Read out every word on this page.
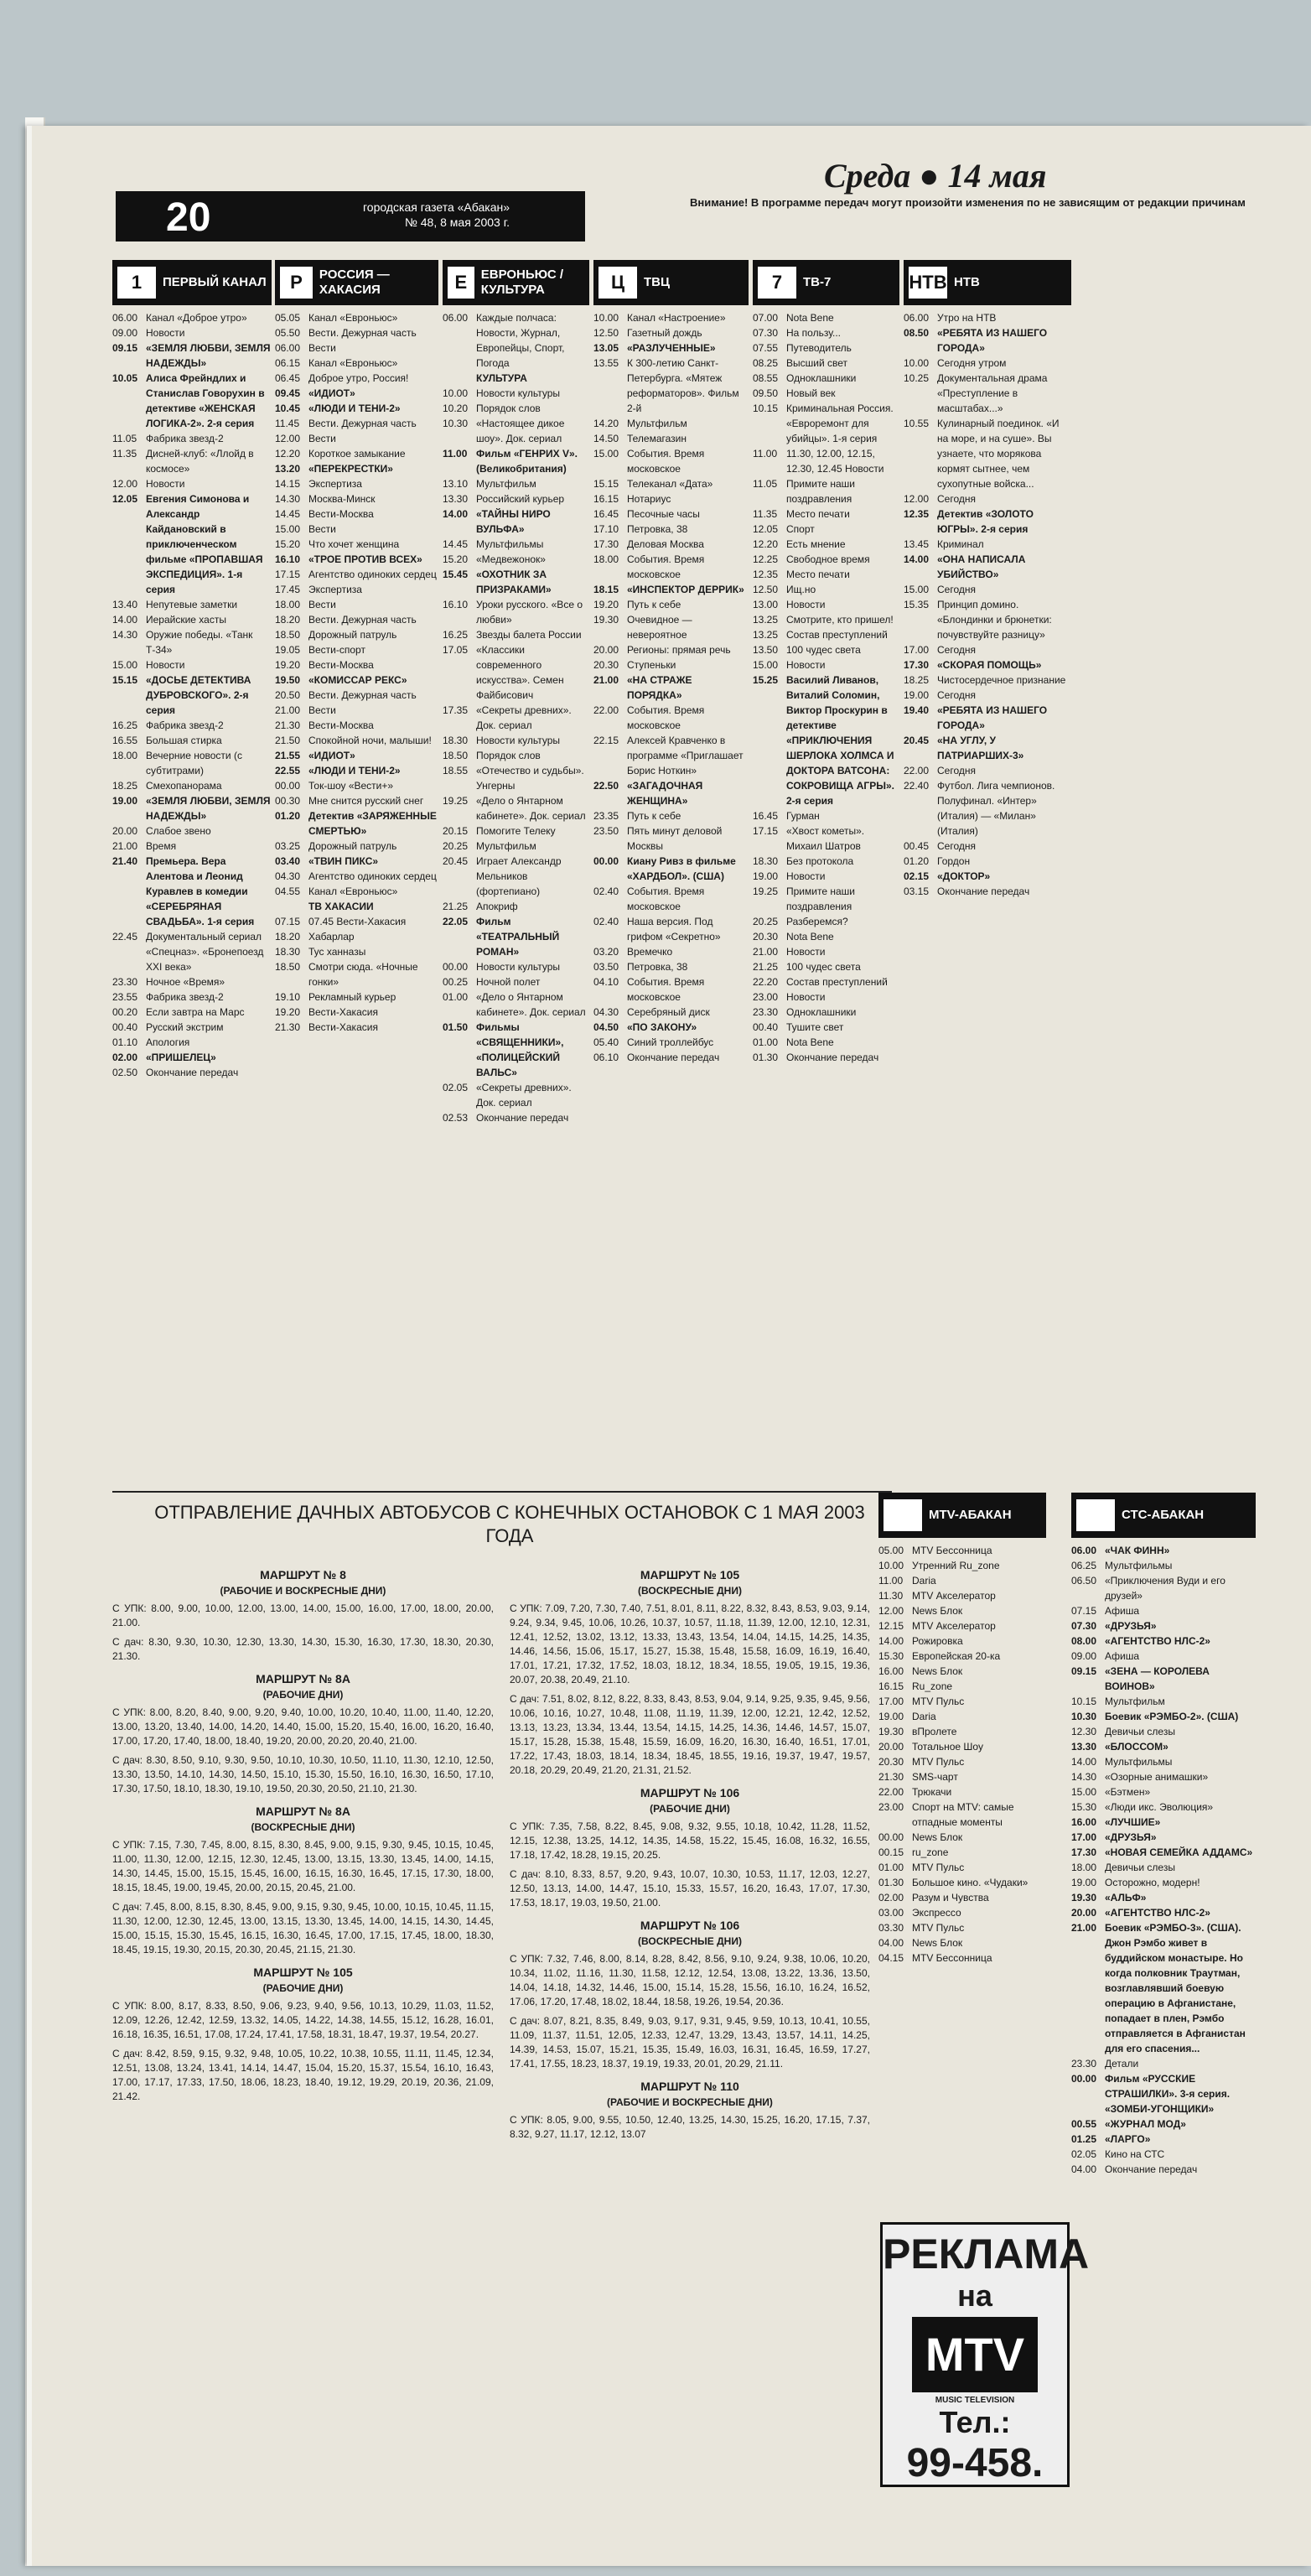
Среда ● 14 мая
Внимание! В программе передач могут произойти изменения по не зависящим от редакции причинам
20	городская газета «Абакан»
№ 48, 8 мая 2003 г.
1	ПЕРВЫЙ КАНАЛ
06.00 Канал «Доброе утро»
09.00 Новости
09.15 «ЗЕМЛЯ ЛЮБВИ, ЗЕМЛЯ НАДЕЖДЫ»
10.05 Алиса Фрейндлих и Станислав Говорухин в детективе «ЖЕНСКАЯ ЛОГИКА-2». 2-я серия
11.05 Фабрика звезд-2
11.35 Дисней-клуб: «Ллойд в космосе»
12.00 Новости
12.05 Евгения Симонова и Александр Кайдановский в приключенческом фильме «ПРОПАВШАЯ ЭКСПЕДИЦИЯ». 1-я серия
13.40 Непутевые заметки
14.00 Иерайские хасты
14.30 Оружие победы. «Танк Т-34»
15.00 Новости
15.15 «ДОСЬЕ ДЕТЕКТИВА ДУБРОВСКОГО». 2-я серия
16.25 Фабрика звезд-2
16.55 Большая стирка
18.00 Вечерние новости (с субтитрами)
18.25 Смехопанорама
19.00 «ЗЕМЛЯ ЛЮБВИ, ЗЕМЛЯ НАДЕЖДЫ»
20.00 Слабое звено
21.00 Время
21.40 Премьера. Вера Алентова и Леонид Куравлев в комедии «СЕРЕБРЯНАЯ СВАДЬБА». 1-я серия
22.45 Документальный сериал «Спецназ». «Бронепоезд XXI века»
23.30 Ночное «Время»
23.55 Фабрика звезд-2
00.20 Если завтра на Марс
00.40 Русский экстрим
01.10 Апология
02.00 «ПРИШЕЛЕЦ»
02.50 Окончание передач
Р	РОССИЯ — ХАКАСИЯ
05.05 Канал «Евроньюс»
05.50 Вести. Дежурная часть
06.00 Вести
06.15 Канал «Евроньюс»
06.45 Доброе утро, Россия!
09.45 «ИДИОТ»
10.45 «ЛЮДИ И ТЕНИ-2»
11.45 Вести. Дежурная часть
12.00 Вести
12.20 Короткое замыкание
13.20 «ПЕРЕКРЕСТКИ»
14.15 Экспертиза
14.30 Москва-Минск
14.45 Вести-Москва
15.00 Вести
15.20 Что хочет женщина
16.10 «ТРОЕ ПРОТИВ ВСЕХ»
17.15 Агентство одиноких сердец
17.45 Экспертиза
18.00 Вести
18.20 Вести. Дежурная часть
18.50 Дорожный патруль
19.05 Вести-спорт
19.20 Вести-Москва
19.50 «КОМИССАР РЕКС»
20.50 Вести. Дежурная часть
21.00 Вести
21.30 Вести-Москва
21.50 Спокойной ночи, малыши!
21.55 «ИДИОТ»
22.55 «ЛЮДИ И ТЕНИ-2»
00.00 Ток-шоу «Вести+»
00.30 Мне снится русский снег
01.20 Детектив «ЗАРЯЖЕННЫЕ СМЕРТЬЮ»
03.25 Дорожный патруль
03.40 «ТВИН ПИКС»
04.30 Агентство одиноких сердец
04.55 Канал «Евроньюс»
ТВ ХАКАСИИ
07.15 07.45 Вести-Хакасия
18.20 Хабарлар
18.30 Тус ханназы
18.50 Смотри сюда. «Ночные гонки»
19.10 Рекламный курьер
19.20 Вести-Хакасия
21.30 Вести-Хакасия
Е	ЕВРОНЬЮС / КУЛЬТУРА
06.00 Каждые полчаса: Новости, Журнал, Европейцы, Спорт, Погода
КУЛЬТУРА
10.00 Новости культуры
10.20 Порядок слов
10.30 «Настоящее дикое шоу». Док. сериал
11.00 Фильм «ГЕНРИХ V». (Великобритания)
13.10 Мультфильм
13.30 Российский курьер
14.00 «ТАЙНЫ НИРО ВУЛЬФА»
14.45 Мультфильмы
15.20 «Медвежонок»
15.45 «ОХОТНИК ЗА ПРИЗРАКАМИ»
16.10 Уроки русского. «Все о любви»
16.25 Звезды балета России
17.05 «Классики современного искусства». Семен Файбисович
17.35 «Секреты древних». Док. сериал
18.30 Новости культуры
18.50 Порядок слов
18.55 «Отечество и судьбы». Унгерны
19.25 «Дело о Янтарном кабинете». Док. сериал
20.15 Помогите Телеку
20.25 Мультфильм
20.45 Играет Александр Мельников (фортепиано)
21.25 Апокриф
22.05 Фильм «ТЕАТРАЛЬНЫЙ РОМАН»
00.00 Новости культуры
00.25 Ночной полет
01.00 «Дело о Янтарном кабинете». Док. сериал
01.50 Фильмы «СВЯЩЕННИКИ», «ПОЛИЦЕЙСКИЙ ВАЛЬС»
02.05 «Секреты древних». Док. сериал
02.53 Окончание передач
Ц	ТВЦ
10.00 Канал «Настроение»
12.50 Газетный дождь
13.05 «РАЗЛУЧЕННЫЕ»
13.55 К 300-летию Санкт-Петербурга. «Мятеж реформаторов». Фильм 2-й
14.20 Мультфильм
14.50 Телемагазин
15.00 События. Время московское
15.15 Телеканал «Дата»
16.15 Нотариус
16.45 Песочные часы
17.10 Петровка, 38
17.30 Деловая Москва
18.00 События. Время московское
18.15 «ИНСПЕКТОР ДЕРРИК»
19.20 Путь к себе
19.30 Очевидное — невероятное
20.00 Регионы: прямая речь
20.30 Ступеньки
21.00 «НА СТРАЖЕ ПОРЯДКА»
22.00 События. Время московское
22.15 Алексей Кравченко в программе «Приглашает Борис Ноткин»
22.50 «ЗАГАДОЧНАЯ ЖЕНЩИНА»
23.35 Путь к себе
23.50 Пять минут деловой Москвы
00.00 Киану Ривз в фильме «ХАРДБОЛ». (США)
02.40 События. Время московское
02.40 Наша версия. Под грифом «Секретно»
03.20 Времечко
03.50 Петровка, 38
04.10 События. Время московское
04.30 Серебряный диск
04.50 «ПО ЗАКОНУ»
05.40 Синий троллейбус
06.10 Окончание передач
7	ТВ-7
07.00 Nota Bene
07.30 На пользу...
07.55 Путеводитель
08.25 Высший свет
08.55 Одноклашники
09.50 Новый век
10.15 Криминальная Россия. «Евроремонт для убийцы». 1-я серия
11.00 11.30, 12.00, 12.15, 12.30, 12.45 Новости
11.05 Примите наши поздравления
11.35 Место печати
12.05 Спорт
12.20 Есть мнение
12.25 Свободное время
12.35 Место печати
12.50 Ищ.но
13.00 Новости
13.25 Смотрите, кто пришел!
13.25 Состав преступлений
13.50 100 чудес света
15.00 Новости
15.25 Василий Ливанов, Виталий Соломин, Виктор Проскурин в детективе «ПРИКЛЮЧЕНИЯ ШЕРЛОКА ХОЛМСА И ДОКТОРА ВАТСОНА: СОКРОВИЩА АГРЫ». 2-я серия
16.45 Гурман
17.15 «Хвост кометы». Михаил Шатров
18.30 Без протокола
19.00 Новости
19.25 Примите наши поздравления
20.25 Разберемся?
20.30 Nota Bene
21.00 Новости
21.25 100 чудес света
22.20 Состав преступлений
23.00 Новости
23.30 Одноклашники
00.40 Тушите свет
01.00 Nota Bene
01.30 Окончание передач
НТВ НТВ
06.00 Утро на НТВ
08.50 «РЕБЯТА ИЗ НАШЕГО ГОРОДА»
10.00 Сегодня утром
10.25 Документальная драма «Преступление в масштабах...»
10.55 Кулинарный поединок. «И на море, и на суше». Вы узнаете, что морякова кормят сытнее, чем сухопутные войска...
12.00 Сегодня
12.35 Детектив «ЗОЛОТО ЮГРЫ». 2-я серия
13.45 Криминал
14.00 «ОНА НАПИСАЛА УБИЙСТВО»
15.00 Сегодня
15.35 Принцип домино. «Блондинки и брюнетки: почувствуйте разницу»
17.00 Сегодня
17.30 «СКОРАЯ ПОМОЩЬ»
18.25 Чистосердечное признание
19.00 Сегодня
19.40 «РЕБЯТА ИЗ НАШЕГО ГОРОДА»
20.45 «НА УГЛУ, У ПАТРИАРШИХ-3»
22.00 Сегодня
22.40 Футбол. Лига чемпионов. Полуфинал. «Интер» (Италия) — «Милан» (Италия)
00.45 Сегодня
01.20 Гордон
02.15 «ДОКТОР»
03.15 Окончание передач
ОТПРАВЛЕНИЕ ДАЧНЫХ АВТОБУСОВ С КОНЕЧНЫХ ОСТАНОВОК С 1 МАЯ 2003 ГОДА
МАРШРУТ № 8
(РАБОЧИЕ И ВОСКРЕСНЫЕ ДНИ)

С УПК: 8.00, 9.00, 10.00, 12.00, 13.00, 14.00, 15.00, 16.00, 17.00, 18.00, 20.00, 21.00.

С дач: 8.30, 9.30, 10.30, 12.30, 13.30, 14.30, 15.30, 16.30, 17.30, 18.30, 20.30, 21.30.

МАРШРУТ № 8А
(РАБОЧИЕ ДНИ)

С УПК: 8.00, 8.20, 8.40, 9.00, 9.20, 9.40, 10.00, 10.20, 10.40, 11.00, 11.40, 12.20, 13.00, 13.20, 13.40, 14.00, 14.20, 14.40, 15.00, 15.20, 15.40, 16.00, 16.20, 16.40, 17.00, 17.20, 17.40, 18.00, 18.40, 19.20, 20.00, 20.20, 20.40, 21.00.

С дач: 8.30, 8.50, 9.10, 9.30, 9.50, 10.10, 10.30, 10.50, 11.10, 11.30, 12.10, 12.50, 13.30, 13.50, 14.10, 14.30, 14.50, 15.10, 15.30, 15.50, 16.10, 16.30, 16.50, 17.10, 17.30, 17.50, 18.10, 18.30, 19.10, 19.50, 20.30, 20.50, 21.10, 21.30.

МАРШРУТ № 8А
(ВОСКРЕСНЫЕ ДНИ)

С УПК: 7.15, 7.30, 7.45, 8.00, 8.15, 8.30, 8.45, 9.00, 9.15, 9.30, 9.45, 10.15, 10.45, 11.00, 11.30, 12.00, 12.15, 12.30, 12.45, 13.00, 13.15, 13.30, 13.45, 14.00, 14.15, 14.30, 14.45, 15.00, 15.15, 15.45, 16.00, 16.15, 16.30, 16.45, 17.15, 17.30, 18.00, 18.15, 18.45, 19.00, 19.45, 20.00, 20.15, 20.45, 21.00.

С дач: 7.45, 8.00, 8.15, 8.30, 8.45, 9.00, 9.15, 9.30, 9.45, 10.00, 10.15, 10.45, 11.15, 11.30, 12.00, 12.30, 12.45, 13.00, 13.15, 13.30, 13.45, 14.00, 14.15, 14.30, 14.45, 15.00, 15.15, 15.30, 15.45, 16.15, 16.30, 16.45, 17.00, 17.15, 17.45, 18.00, 18.30, 18.45, 19.15, 19.30, 20.15, 20.30, 20.45, 21.15, 21.30.

МАРШРУТ № 105
(РАБОЧИЕ ДНИ)

С УПК: 8.00, 8.17, 8.33, 8.50, 9.06, 9.23, 9.40, 9.56, 10.13, 10.29, 11.03, 11.52, 12.09, 12.26, 12.42, 12.59, 13.32, 14.05, 14.22, 14.38, 14.55, 15.12, 16.28, 16.01, 16.18, 16.35, 16.51, 17.08, 17.24, 17.41, 17.58, 18.31, 18.47, 19.37, 19.54, 20.27.

С дач: 8.42, 8.59, 9.15, 9.32, 9.48, 10.05, 10.22, 10.38, 10.55, 11.11, 11.45, 12.34, 12.51, 13.08, 13.24, 13.41, 14.14, 14.47, 15.04, 15.20, 15.37, 15.54, 16.10, 16.43, 17.00, 17.17, 17.33, 17.50, 18.06, 18.23, 18.40, 19.12, 19.29, 20.19, 20.36, 21.09, 21.42.

МАРШРУТ № 105
(ВОСКРЕСНЫЕ ДНИ)

С УПК: 7.09, 7.20, 7.30, 7.40, 7.51, 8.01, 8.11, 8.22, 8.32, 8.43, 8.53, 9.03, 9.14, 9.24, 9.34, 9.45, 10.06, 10.26, 10.37, 10.57, 11.18, 11.39, 12.00, 12.10, 12.31, 12.41, 12.52, 13.02, 13.12, 13.33, 13.43, 13.54, 14.04, 14.15, 14.25, 14.35, 14.46, 14.56, 15.06, 15.17, 15.27, 15.38, 15.48, 15.58, 16.09, 16.19, 16.40, 17.01, 17.21, 17.32, 17.52, 18.03, 18.12, 18.34, 18.55, 19.05, 19.15, 19.36, 20.07, 20.38, 20.49, 21.10.

С дач: 7.51, 8.02, 8.12, 8.22, 8.33, 8.43, 8.53, 9.04, 9.14, 9.25, 9.35, 9.45, 9.56, 10.06, 10.16, 10.27, 10.48, 11.08, 11.19, 11.39, 12.00, 12.21, 12.42, 12.52, 13.13, 13.23, 13.34, 13.44, 13.54, 14.15, 14.25, 14.36, 14.46, 14.57, 15.07, 15.17, 15.28, 15.38, 15.48, 15.59, 16.09, 16.20, 16.30, 16.40, 16.51, 17.01, 17.22, 17.43, 18.03, 18.14, 18.34, 18.45, 18.55, 19.16, 19.37, 19.47, 19.57, 20.18, 20.29, 20.49, 21.20, 21.31, 21.52.

МАРШРУТ № 106
(РАБОЧИЕ ДНИ)

С УПК: 7.35, 7.58, 8.22, 8.45, 9.08, 9.32, 9.55, 10.18, 10.42, 11.28, 11.52, 12.15, 12.38, 13.25, 14.12, 14.35, 14.58, 15.22, 15.45, 16.08, 16.32, 16.55, 17.18, 17.42, 18.28, 19.15, 20.25.

С дач: 8.10, 8.33, 8.57, 9.20, 9.43, 10.07, 10.30, 10.53, 11.17, 12.03, 12.27, 12.50, 13.13, 14.00, 14.47, 15.10, 15.33, 15.57, 16.20, 16.43, 17.07, 17.30, 17.53, 18.17, 19.03, 19.50, 21.00.

МАРШРУТ № 106
(ВОСКРЕСНЫЕ ДНИ)

С УПК: 7.32, 7.46, 8.00, 8.14, 8.28, 8.42, 8.56, 9.10, 9.24, 9.38, 10.06, 10.20, 10.34, 11.02, 11.16, 11.30, 11.58, 12.12, 12.54, 13.08, 13.22, 13.36, 13.50, 14.04, 14.18, 14.32, 14.46, 15.00, 15.14, 15.28, 15.56, 16.10, 16.24, 16.52, 17.06, 17.20, 17.48, 18.02, 18.44, 18.58, 19.26, 19.54, 20.36.

С дач: 8.07, 8.21, 8.35, 8.49, 9.03, 9.17, 9.31, 9.45, 9.59, 10.13, 10.41, 10.55, 11.09, 11.37, 11.51, 12.05, 12.33, 12.47, 13.29, 13.43, 13.57, 14.11, 14.25, 14.39, 14.53, 15.07, 15.21, 15.35, 15.49, 16.03, 16.31, 16.45, 16.59, 17.27, 17.41, 17.55, 18.23, 18.37, 19.19, 19.33, 20.01, 20.29, 21.11.

МАРШРУТ № 110
(РАБОЧИЕ И ВОСКРЕСНЫЕ ДНИ)

С УПК: 8.05, 9.00, 9.55, 10.50, 12.40, 13.25, 14.30, 15.25, 16.20, 17.15, 7.37, 8.32, 9.27, 11.17, 12.12, 13.07

MTV-АБАКАН
05.00 MTV Бессонница
10.00 Утренний Ru_zone
11.00 Daria
11.30 MTV Акселератор
12.00 News Блок
12.15 MTV Акселератор
14.00 Рожировка
15.30 Европейская 20-ка
16.00 News Блок
16.15 Ru_zone
17.00 MTV Пульс
19.00 Daria
19.30 вПролете
20.00 Тотальное Шоу
20.30 MTV Пульс
21.30 SMS-чарт
22.00 Трюкачи
23.00 Спорт на MTV: самые отпадные моменты
00.00 News Блок
00.15 ru_zone
01.00 MTV Пульс
01.30 Большое кино. «Чудаки»
02.00 Разум и Чувства
03.00 Экспрессо
03.30 MTV Пульс
04.00 News Блок
04.15 MTV Бессонница
СТС-АБАКАН
06.00 «ЧАК ФИНН»
06.25 Мультфильмы
06.50 «Приключения Вуди и его друзей»
07.15 Афиша
07.30 «ДРУЗЬЯ»
08.00 «АГЕНТСТВО НЛС-2»
09.00 Афиша
09.15 «ЗЕНА — КОРОЛЕВА ВОИНОВ»
10.15 Мультфильм
10.30 Боевик «РЭМБО-2». (США)
12.30 Девичьи слезы
13.30 «БЛОССОМ»
14.00 Мультфильмы
14.30 «Озорные анимашки»
15.00 «Бэтмен»
15.30 «Люди икс. Эволюция»
16.00 «ЛУЧШИЕ»
17.00 «ДРУЗЬЯ»
17.30 «НОВАЯ СЕМЕЙКА АДДАМС»
18.00 Девичьи слезы
19.00 Осторожно, модерн!
19.30 «АЛЬФ»
20.00 «АГЕНТСТВО НЛС-2»
21.00 Боевик «РЭМБО-3». (США). Джон Рэмбо живет в буддийском монастыре. Но когда полковник Траутман, возглавлявший боевую операцию в Афганистане, попадает в плен, Рэмбо отправляется в Афганистан для его спасения...
23.30 Детали
00.00 Фильм «РУССКИЕ СТРАШИЛКИ». 3-я серия. «ЗОМБИ-УГОНЩИКИ»
00.55 «ЖУРНАЛ МОД»
01.25 «ЛАРГО»
02.05 Кино на СТС
04.00 Окончание передач
РЕКЛАМА
на
MTV
MUSIC TELEVISION
Тел.:
99-458.
